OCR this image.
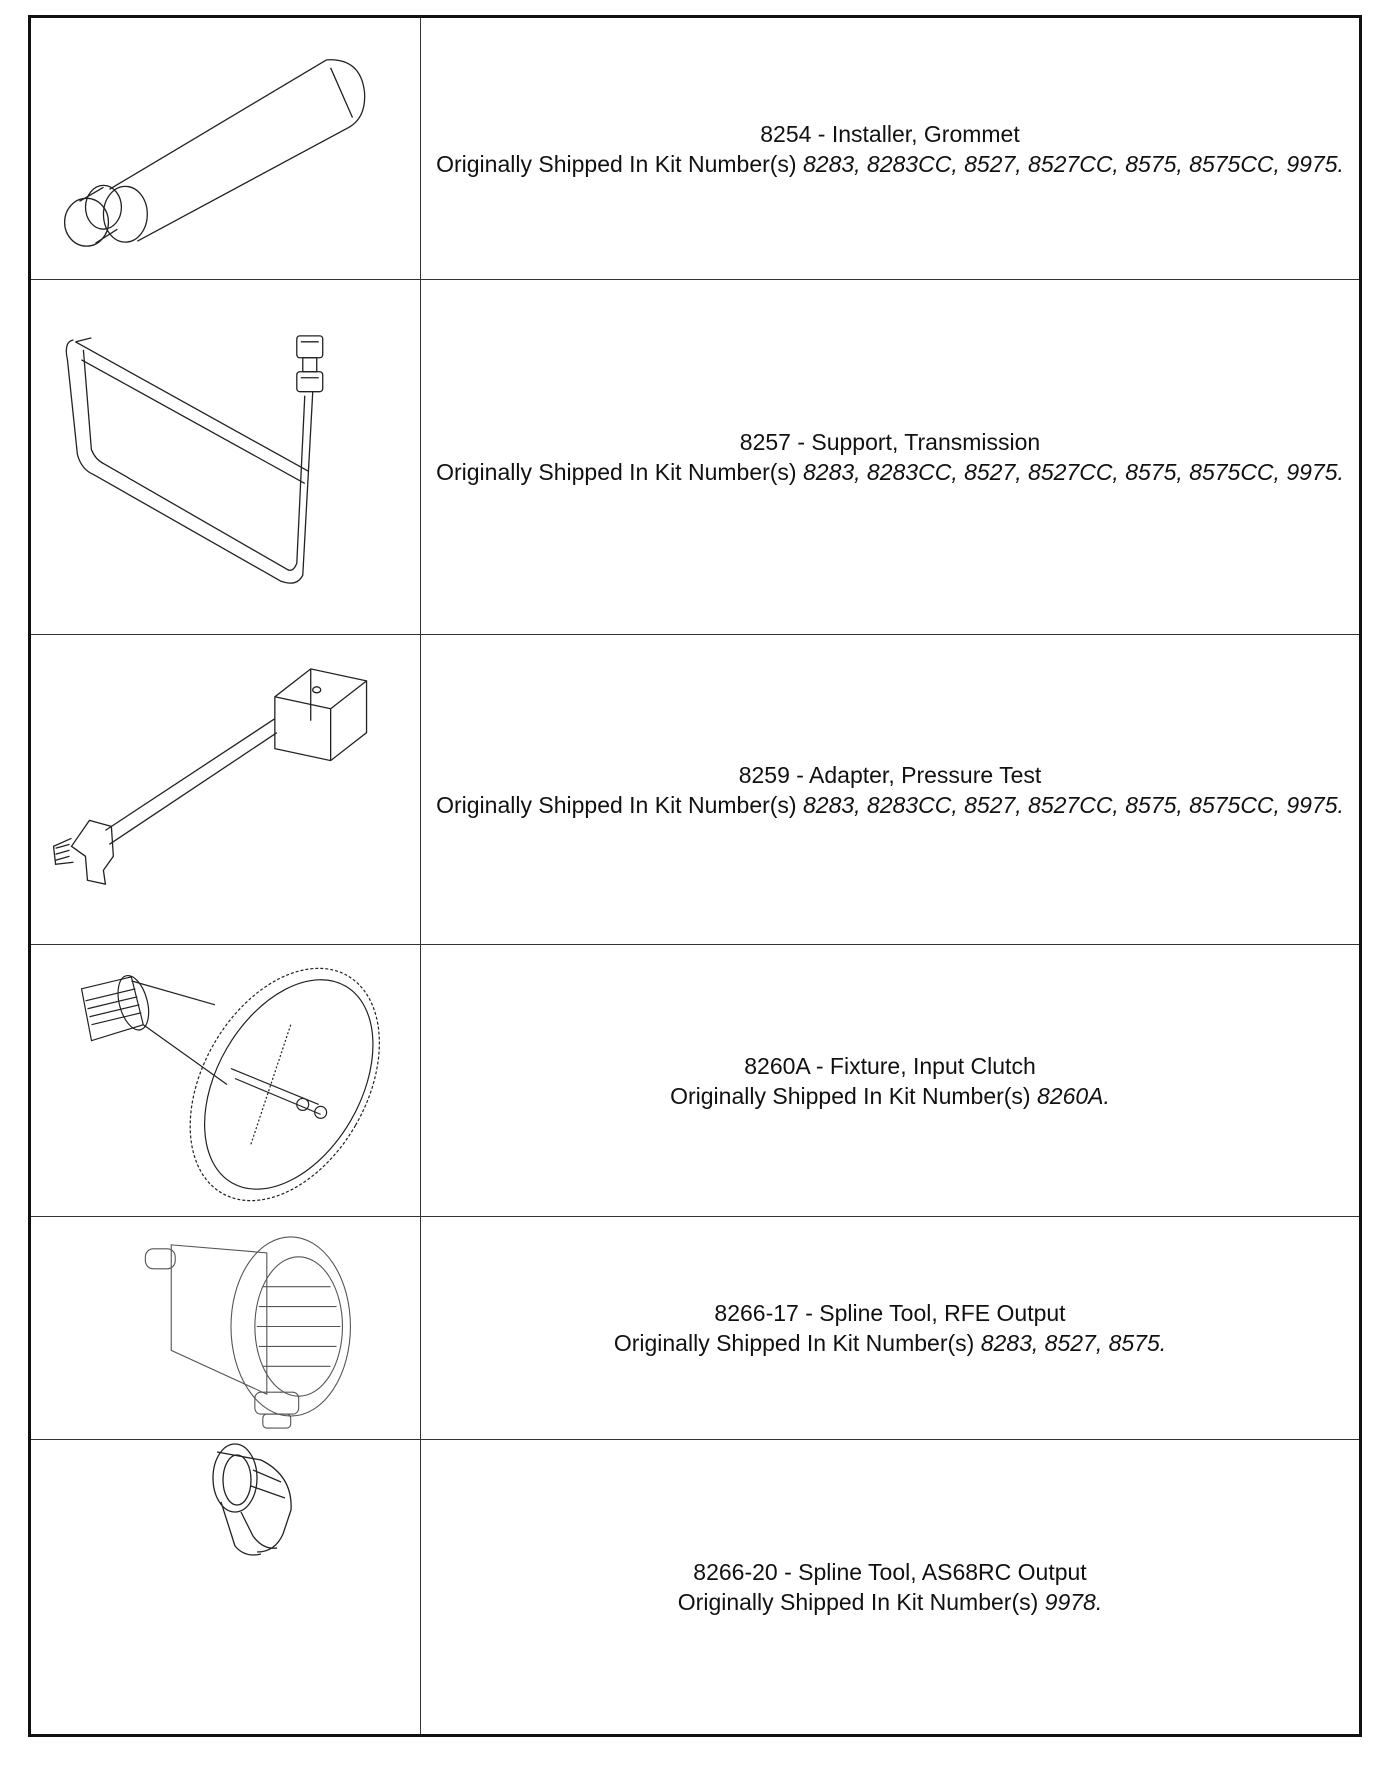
8254 - Installer, Grommet
Originally Shipped In Kit Number(s) 8283, 8283CC, 8527, 8527CC, 8575, 8575CC, 9975.
8257 - Support, Transmission
Originally Shipped In Kit Number(s) 8283, 8283CC, 8527, 8527CC, 8575, 8575CC, 9975.
8259 - Adapter, Pressure Test
Originally Shipped In Kit Number(s) 8283, 8283CC, 8527, 8527CC, 8575, 8575CC, 9975.
8260A - Fixture, Input Clutch
Originally Shipped In Kit Number(s) 8260A.
8266-17 - Spline Tool, RFE Output
Originally Shipped In Kit Number(s) 8283, 8527, 8575.
8266-20 - Spline Tool, AS68RC Output
Originally Shipped In Kit Number(s) 9978.
